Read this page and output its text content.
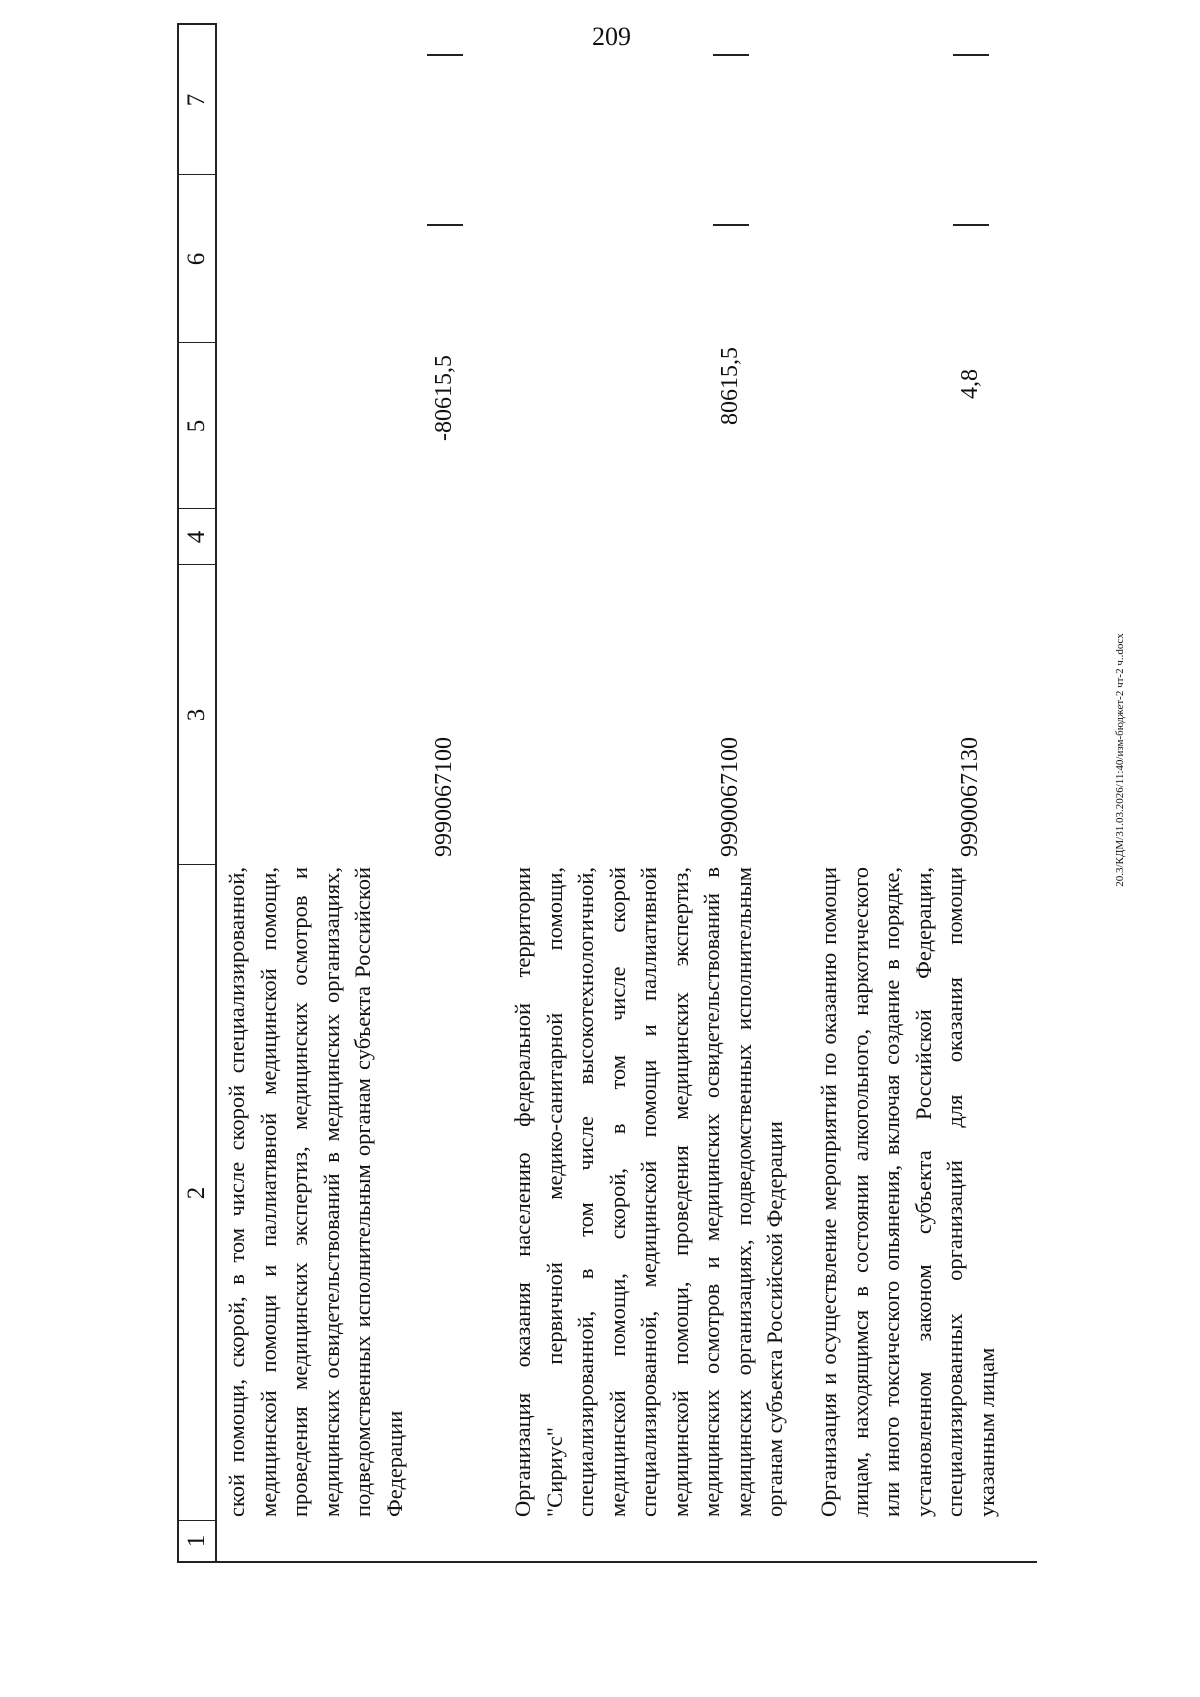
209
20.3/КДМ/31.03.2026/11:40/изм-бюджет-2 чт-2 ч..docx
1
2
3
4
5
6
7
ской помощи, скорой, в том числе скорой специализированной, медицинской помощи и паллиативной медицинской помощи, проведения медицинских экспертиз, медицинских осмотров и медицинских освидетельствований в медицинских организациях, подведомственных исполнительным органам субъекта Российской Федерации
9990067100
-80615,5
Организация оказания населению федеральной территории "Сириус" первичной медико-санитарной помощи, специализированной, в том числе высокотехнологичной, медицинской помощи, скорой, в том числе скорой специализированной, медицинской помощи и паллиативной медицинской помощи, проведения медицинских экспертиз, медицинских осмотров и медицинских освидетельствований в медицинских организациях, подведомственных исполнительным органам субъекта Российской Федерации
9990067100
80615,5
Организация и осуществление мероприятий по оказанию помощи лицам, находящимся в состоянии алкогольного, наркотического или иного токсического опьянения, включая создание в порядке, установленном законом субъекта Российской Федерации, специализированных организаций для оказания помощи указанным лицам
9990067130
4,8
